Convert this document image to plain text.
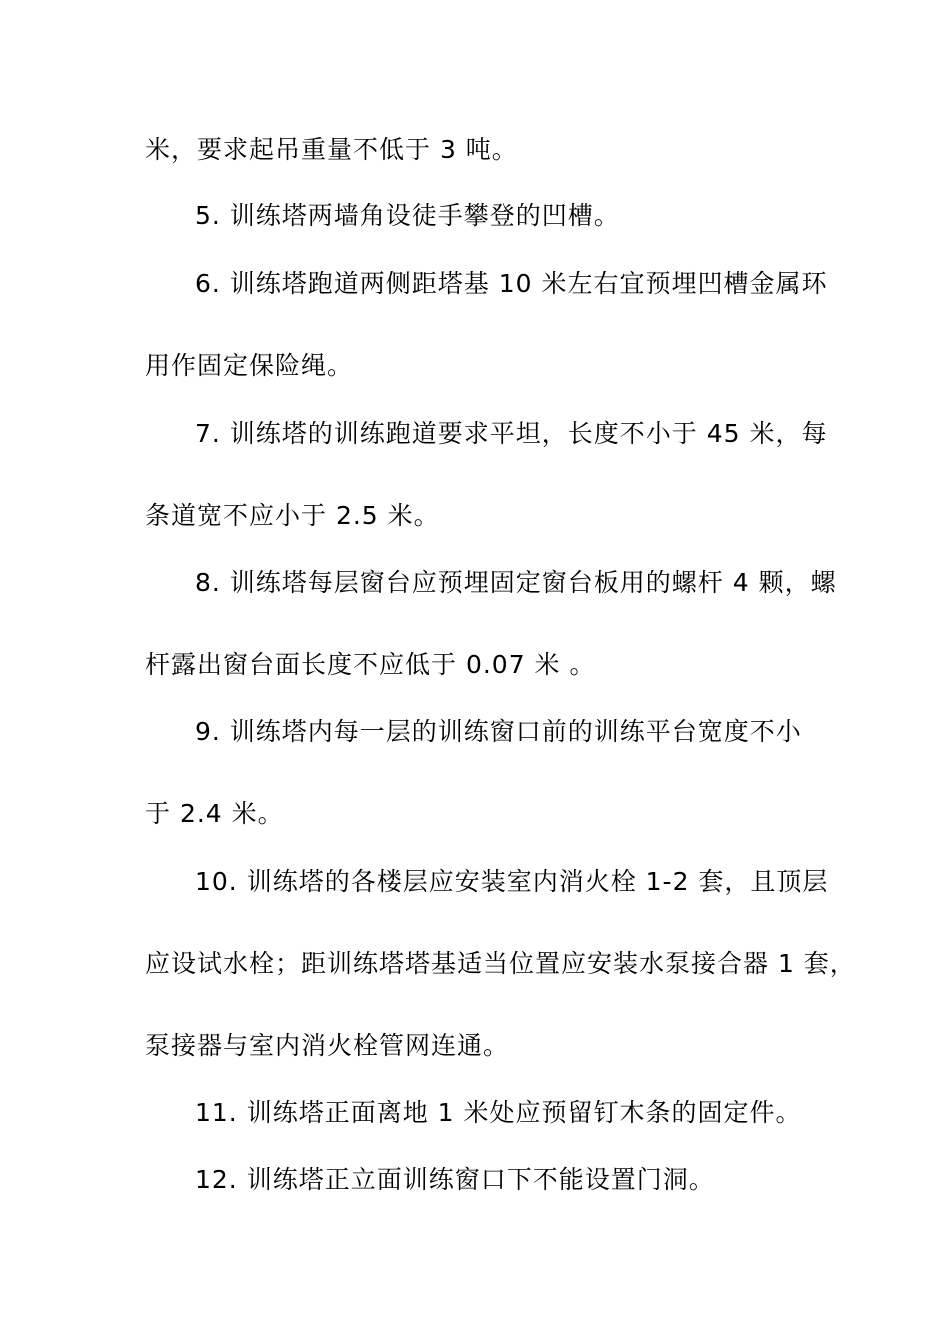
米，要求起吊重量不低于 3 吨。
5. 训练塔两墙角设徒手攀登的凹槽。
6. 训练塔跑道两侧距塔基 10 米左右宜预埋凹槽金属环
用作固定保险绳。
7. 训练塔的训练跑道要求平坦，长度不小于 45 米，每
条道宽不应小于 2.5 米。
8. 训练塔每层窗台应预埋固定窗台板用的螺杆 4 颗，螺
杆露出窗台面长度不应低于 0.07 米 。
9. 训练塔内每一层的训练窗口前的训练平台宽度不小
于 2.4 米。
10. 训练塔的各楼层应安装室内消火栓 1-2 套，且顶层
应设试水栓；距训练塔塔基适当位置应安装水泵接合器 1 套，
泵接器与室内消火栓管网连通。
11. 训练塔正面离地 1 米处应预留钉木条的固定件。
12. 训练塔正立面训练窗口下不能设置门洞。
